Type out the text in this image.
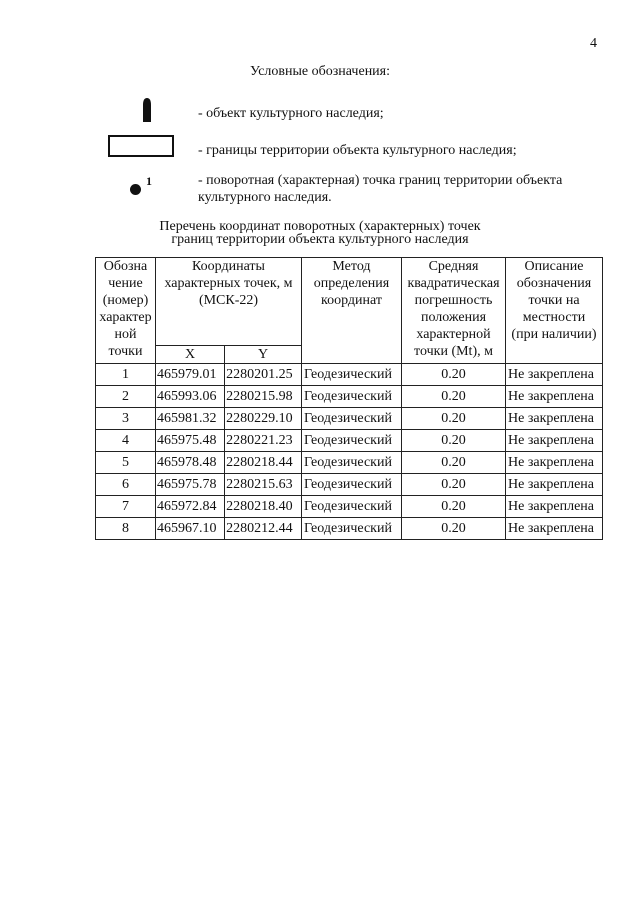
4
Условные обозначения:
- объект культурного наследия;
- границы территории объекта культурного наследия;
1	- поворотная (характерная) точка границ территории объекта культурного наследия.
Перечень координат поворотных (характерных) точек
границ территории объекта культурного наследия
Обозна чение (номер) характер ной точки	Координаты характерных точек, м (МСК-22)		Метод определения координат	Средняя квадратическая погрешность положения характерной точки (Mt), м	Описание обозначения точки на местности (при наличии)
	X	Y			
1	465979.01	2280201.25	Геодезический	0.20	Не закреплена
2	465993.06	2280215.98	Геодезический	0.20	Не закреплена
3	465981.32	2280229.10	Геодезический	0.20	Не закреплена
4	465975.48	2280221.23	Геодезический	0.20	Не закреплена
5	465978.48	2280218.44	Геодезический	0.20	Не закреплена
6	465975.78	2280215.63	Геодезический	0.20	Не закреплена
7	465972.84	2280218.40	Геодезический	0.20	Не закреплена
8	465967.10	2280212.44	Геодезический	0.20	Не закреплена
